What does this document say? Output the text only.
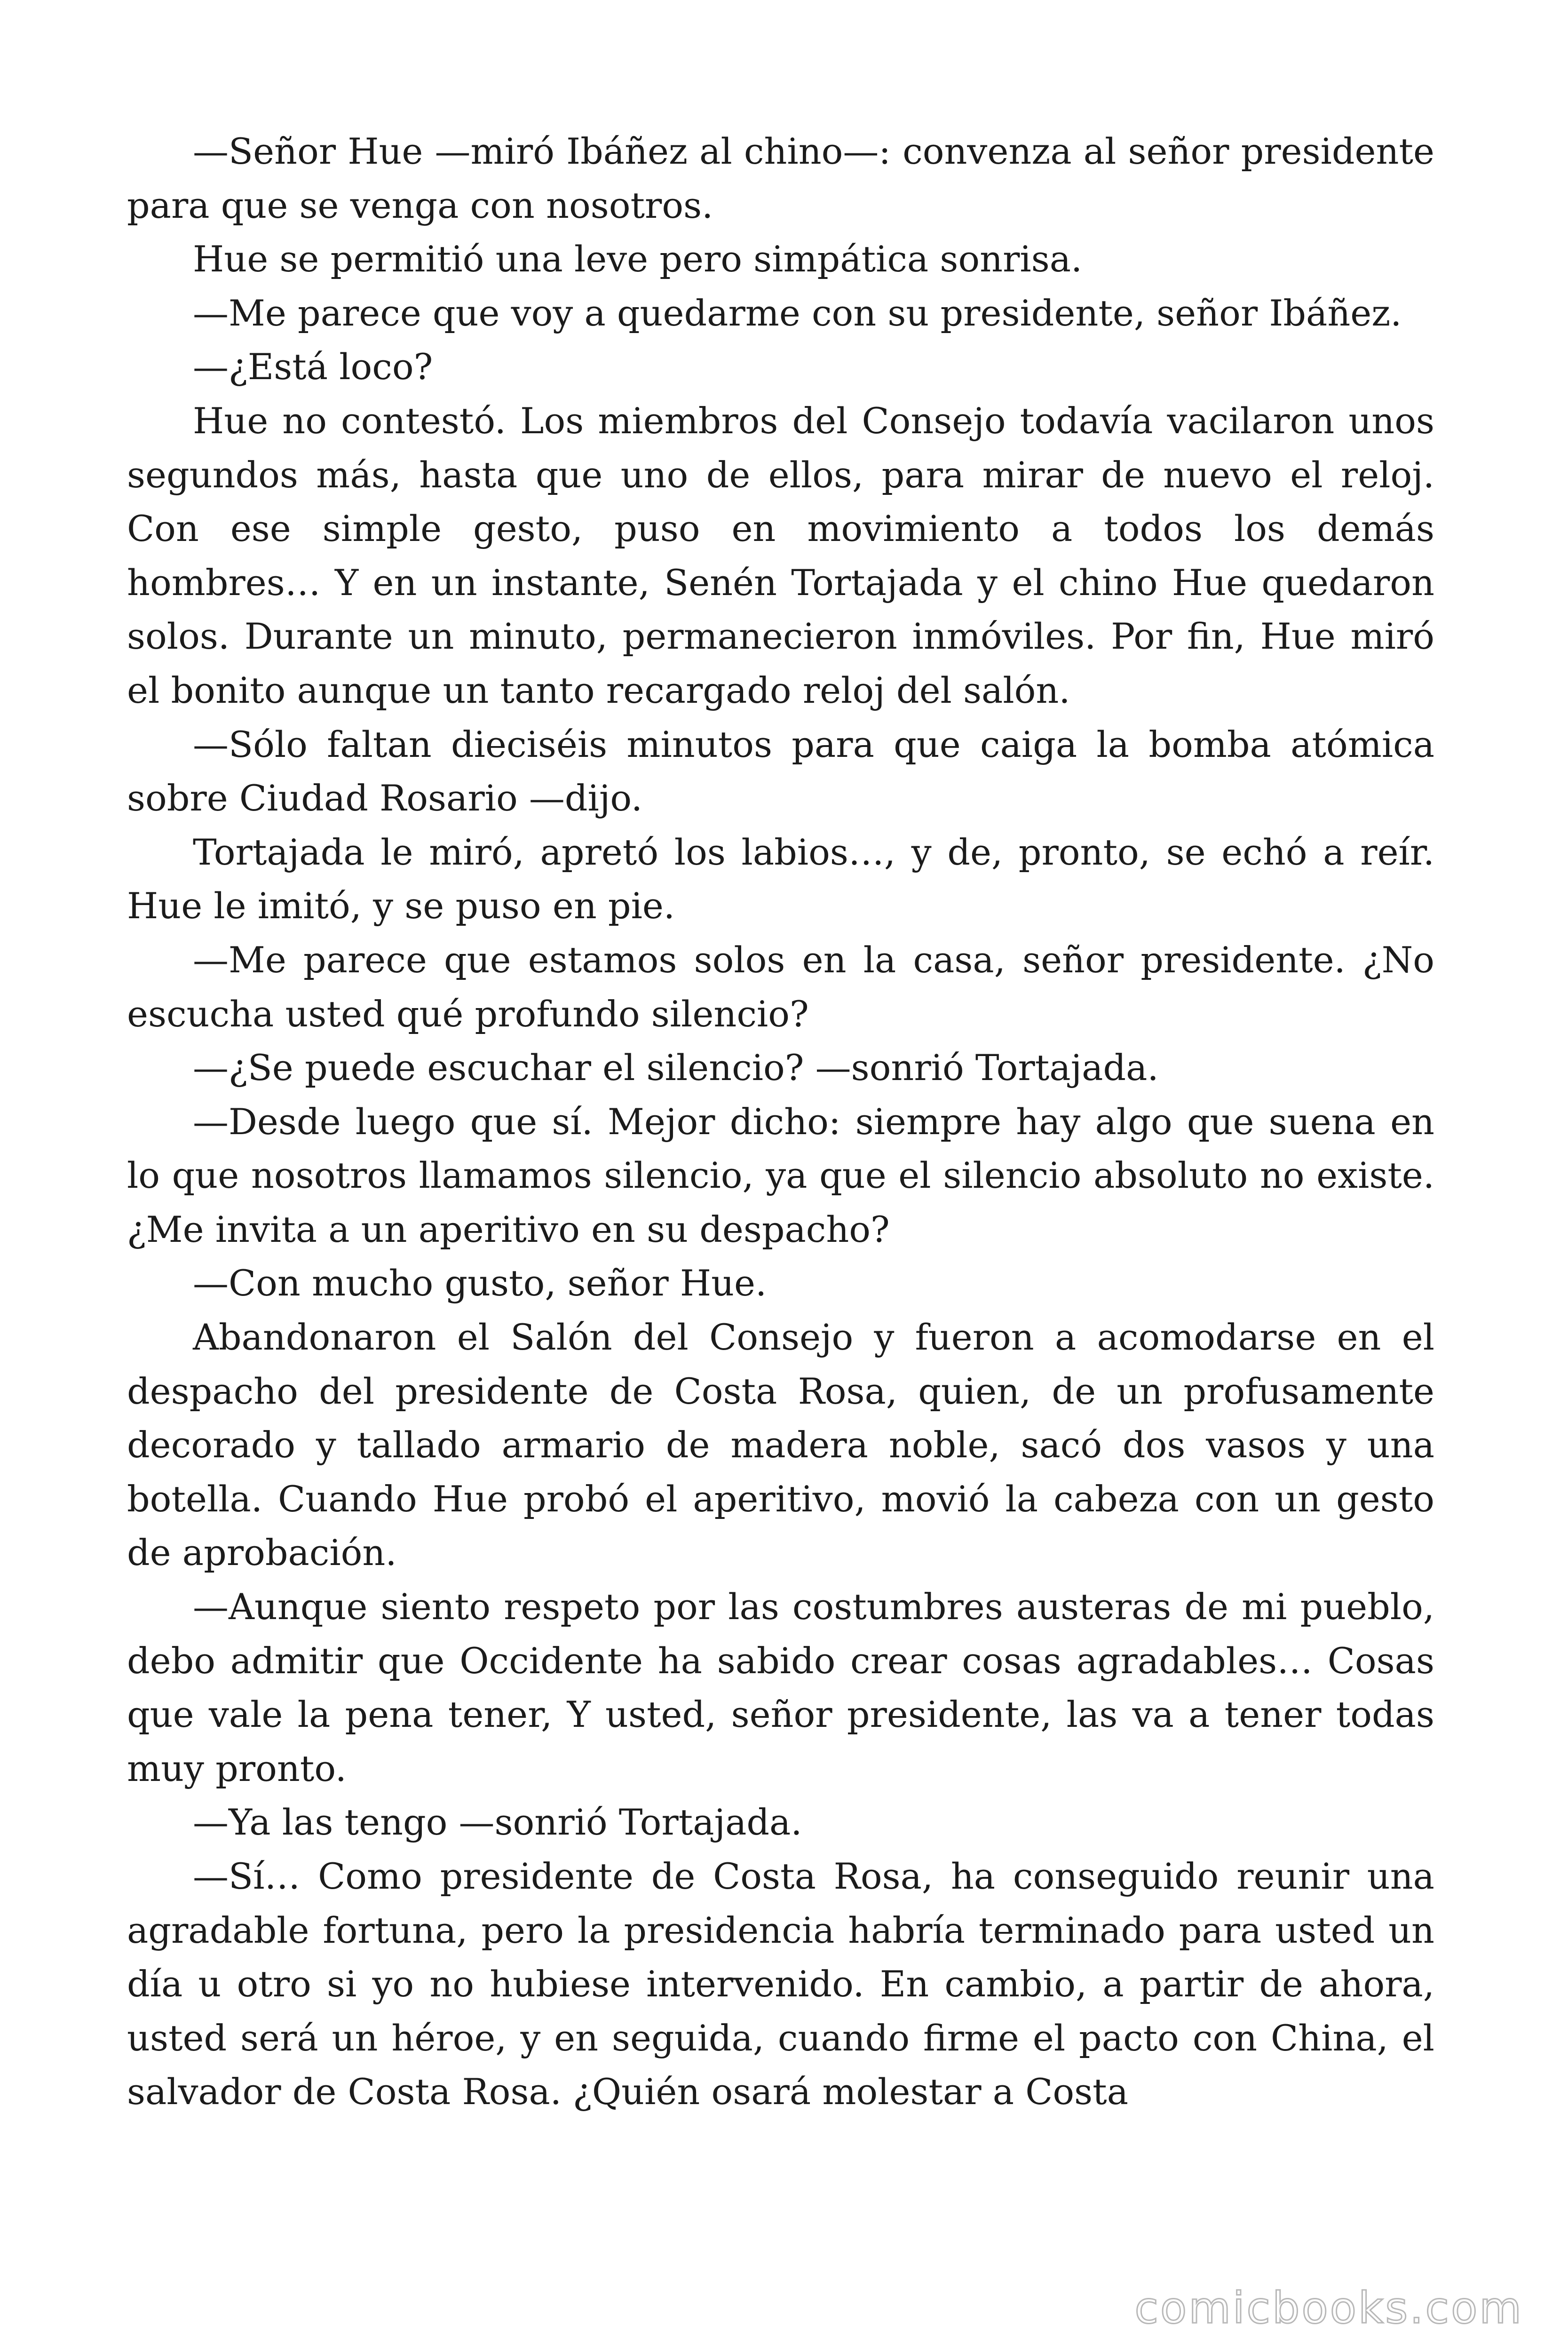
—Señor Hue —miró Ibáñez al chino—: convenza al señor presidente para que se venga con nosotros.

Hue se permitió una leve pero simpática sonrisa.

—Me parece que voy a quedarme con su presidente, señor Ibáñez.

—¿Está loco?

Hue no contestó. Los miembros del Consejo todavía vacilaron unos segundos más, hasta que uno de ellos, para mirar de nuevo el reloj. Con ese simple gesto, puso en movimiento a todos los demás hombres… Y en un instante, Senén Tortajada y el chino Hue quedaron solos. Durante un minuto, permanecieron inmóviles. Por fin, Hue miró el bonito aunque un tanto recargado reloj del salón.

—Sólo faltan dieciséis minutos para que caiga la bomba atómica sobre Ciudad Rosario —dijo.

Tortajada le miró, apretó los labios…, y de, pronto, se echó a reír. Hue le imitó, y se puso en pie.

—Me parece que estamos solos en la casa, señor presidente. ¿No escucha usted qué profundo silencio?

—¿Se puede escuchar el silencio? —sonrió Tortajada.

—Desde luego que sí. Mejor dicho: siempre hay algo que suena en lo que nosotros llamamos silencio, ya que el silencio absoluto no existe. ¿Me invita a un aperitivo en su despacho?

—Con mucho gusto, señor Hue.

Abandonaron el Salón del Consejo y fueron a acomodarse en el despacho del presidente de Costa Rosa, quien, de un profusamente decorado y tallado armario de madera noble, sacó dos vasos y una botella. Cuando Hue probó el aperitivo, movió la cabeza con un gesto de aprobación.

—Aunque siento respeto por las costumbres austeras de mi pueblo, debo admitir que Occidente ha sabido crear cosas agradables… Cosas que vale la pena tener, Y usted, señor presidente, las va a tener todas muy pronto.

—Ya las tengo —sonrió Tortajada.

—Sí… Como presidente de Costa Rosa, ha conseguido reunir una agradable fortuna, pero la presidencia habría terminado para usted un día u otro si yo no hubiese intervenido. En cambio, a partir de ahora, usted será un héroe, y en seguida, cuando firme el pacto con China, el salvador de Costa Rosa. ¿Quién osará molestar a Costa

comicbooks.com
